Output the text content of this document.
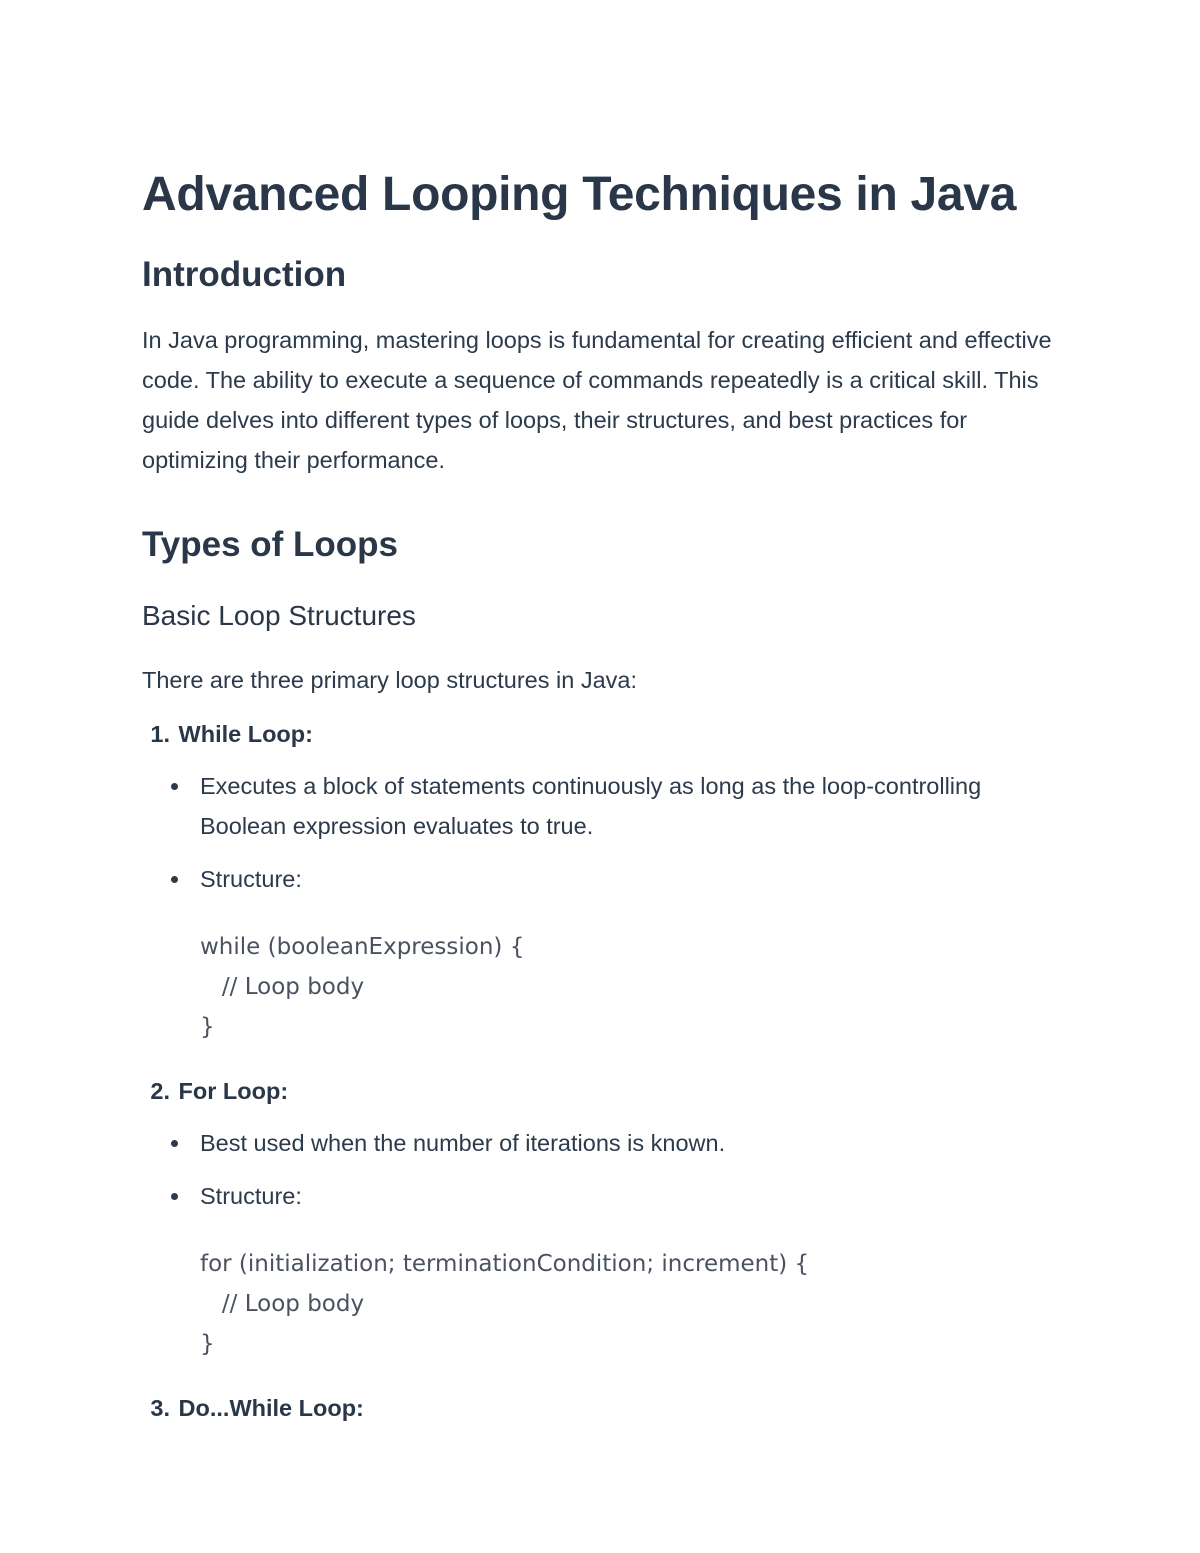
Advanced Looping Techniques in Java
Introduction

In Java programming, mastering loops is fundamental for creating efficient and effective code. The ability to execute a sequence of commands repeatedly is a critical skill. This guide delves into different types of loops, their structures, and best practices for optimizing their performance.

Types of Loops
Basic Loop Structures

There are three primary loop structures in Java:

1. While Loop:
Executes a block of statements continuously as long as the loop-controlling Boolean expression evaluates to true.
Structure:
while (booleanExpression) {
// Loop body
}
2. For Loop:
Best used when the number of iterations is known.
Structure:
for (initialization; terminationCondition; increment) {
// Loop body
}
3. Do...While Loop:
